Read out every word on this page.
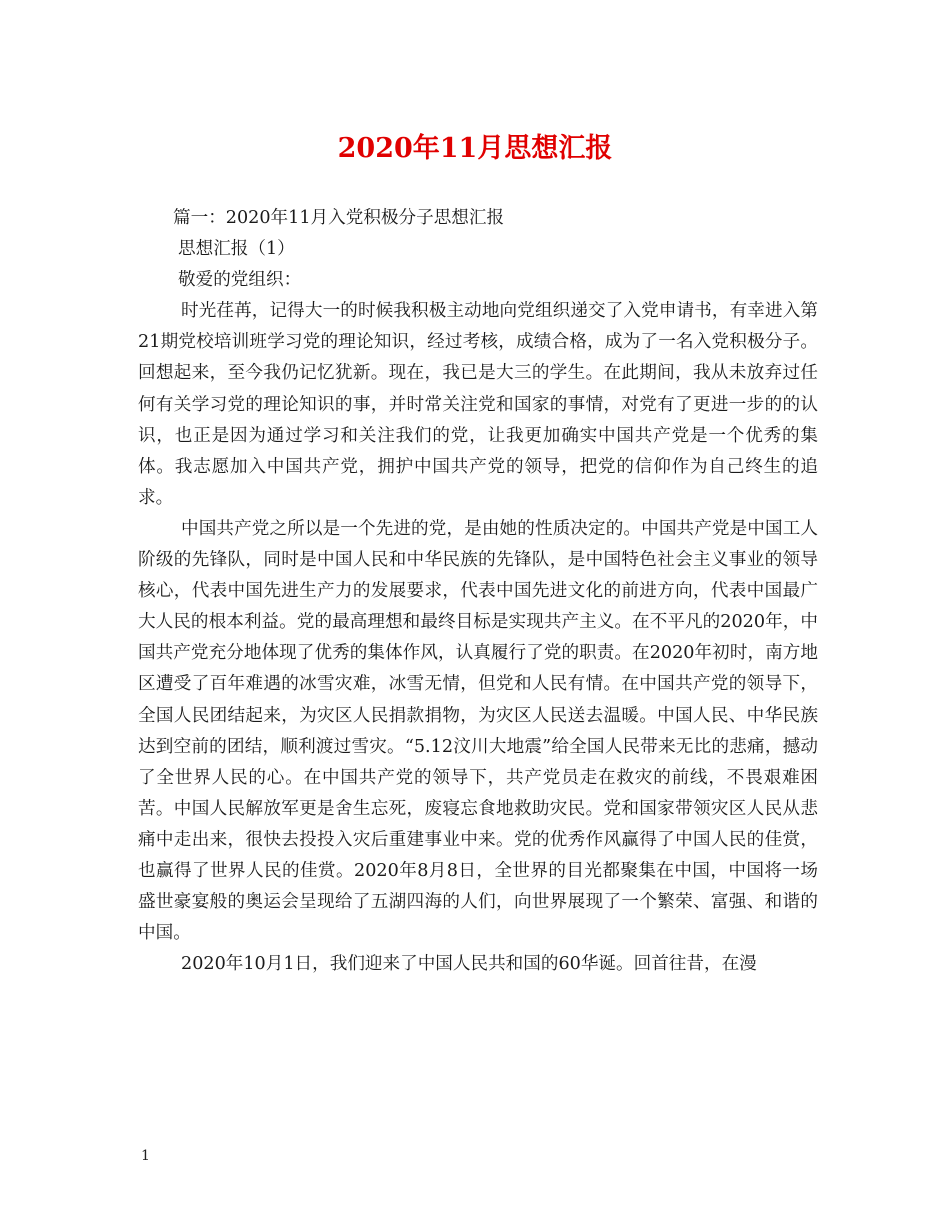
2020年11月思想汇报

篇一：2020年11月入党积极分子思想汇报

思想汇报（1）

敬爱的党组织：

时光荏苒，记得大一的时候我积极主动地向党组织递交了入党申请书，有幸进入第21期党校培训班学习党的理论知识，经过考核，成绩合格，成为了一名入党积极分子。回想起来，至今我仍记忆犹新。现在，我已是大三的学生。在此期间，我从未放弃过任何有关学习党的理论知识的事，并时常关注党和国家的事情，对党有了更进一步的的认识，也正是因为通过学习和关注我们的党，让我更加确实中国共产党是一个优秀的集体。我志愿加入中国共产党，拥护中国共产党的领导，把党的信仰作为自己终生的追求。

中国共产党之所以是一个先进的党，是由她的性质决定的。中国共产党是中国工人阶级的先锋队，同时是中国人民和中华民族的先锋队，是中国特色社会主义事业的领导核心，代表中国先进生产力的发展要求，代表中国先进文化的前进方向，代表中国最广大人民的根本利益。党的最高理想和最终目标是实现共产主义。在不平凡的2020年，中国共产党充分地体现了优秀的集体作风，认真履行了党的职责。在2020年初时，南方地区遭受了百年难遇的冰雪灾难，冰雪无情，但党和人民有情。在中国共产党的领导下，全国人民团结起来，为灾区人民捐款捐物，为灾区人民送去温暖。中国人民、中华民族达到空前的团结，顺利渡过雪灾。“5.12汶川大地震”给全国人民带来无比的悲痛，撼动了全世界人民的心。在中国共产党的领导下，共产党员走在救灾的前线，不畏艰难困苦。中国人民解放军更是舍生忘死，废寝忘食地救助灾民。党和国家带领灾区人民从悲痛中走出来，很快去投投入灾后重建事业中来。党的优秀作风赢得了中国人民的佳赏，也赢得了世界人民的佳赏。2020年8月8日，全世界的目光都聚集在中国，中国将一场盛世豪宴般的奥运会呈现给了五湖四海的人们，向世界展现了一个繁荣、富强、和谐的中国。

2020年10月1日，我们迎来了中国人民共和国的60华诞。回首往昔，在漫

1
